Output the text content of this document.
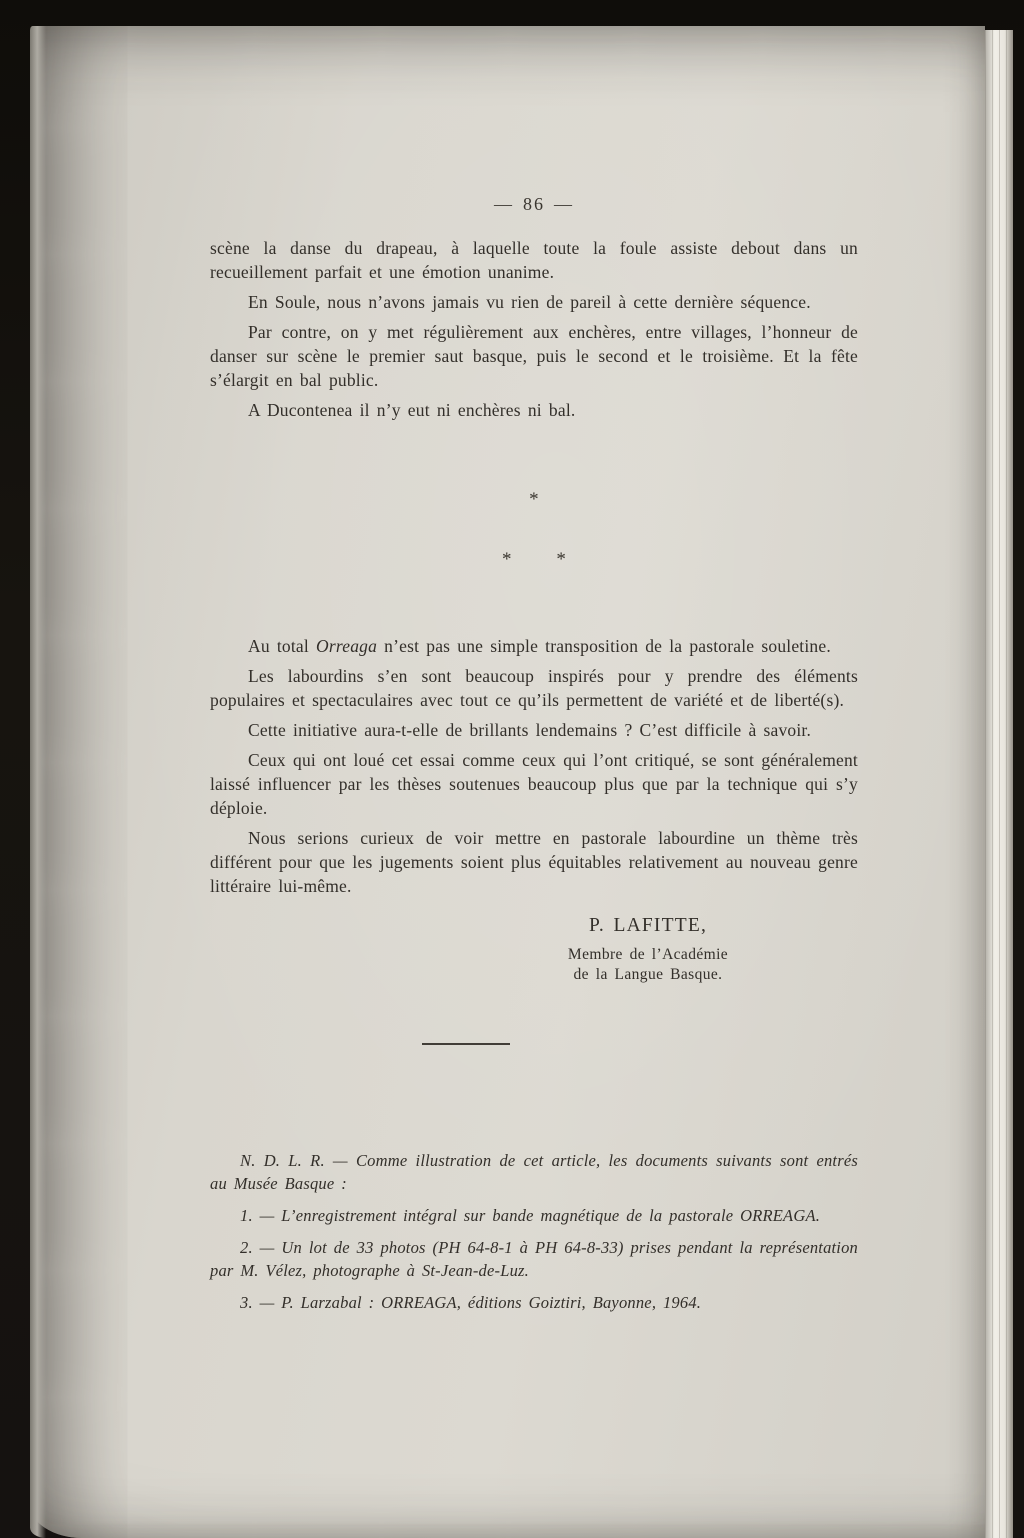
— 86 —

scène la danse du drapeau, à laquelle toute la foule assiste debout dans un recueillement parfait et une émotion unanime.

En Soule, nous n’avons jamais vu rien de pareil à cette dernière séquence.

Par contre, on y met régulièrement aux enchères, entre villages, l’honneur de danser sur scène le premier saut basque, puis le second et le troisième. Et la fête s’élargit en bal public.

A Ducontenea il n’y eut ni enchères ni bal.

*

*      *

Au total Orreaga n’est pas une simple transposition de la pastorale souletine.

Les labourdins s’en sont beaucoup inspirés pour y prendre des éléments populaires et spectaculaires avec tout ce qu’ils permettent de variété et de liberté(s).

Cette initiative aura-t-elle de brillants lendemains ? C’est difficile à savoir.

Ceux qui ont loué cet essai comme ceux qui l’ont critiqué, se sont généralement laissé influencer par les thèses soutenues beaucoup plus que par la technique qui s’y déploie.

Nous serions curieux de voir mettre en pastorale labourdine un thème très différent pour que les jugements soient plus équitables relativement au nouveau genre littéraire lui-même.

P. LAFITTE,
Membre de l’Académie
de la Langue Basque.

N. D. L. R. — Comme illustration de cet article, les documents suivants sont entrés au Musée Basque :

1. — L’enregistrement intégral sur bande magnétique de la pastorale ORREAGA.

2. — Un lot de 33 photos (PH 64-8-1 à PH 64-8-33) prises pendant la représentation par M. Vélez, photographe à St-Jean-de-Luz.

3. — P. Larzabal : ORREAGA, éditions Goiztiri, Bayonne, 1964.
